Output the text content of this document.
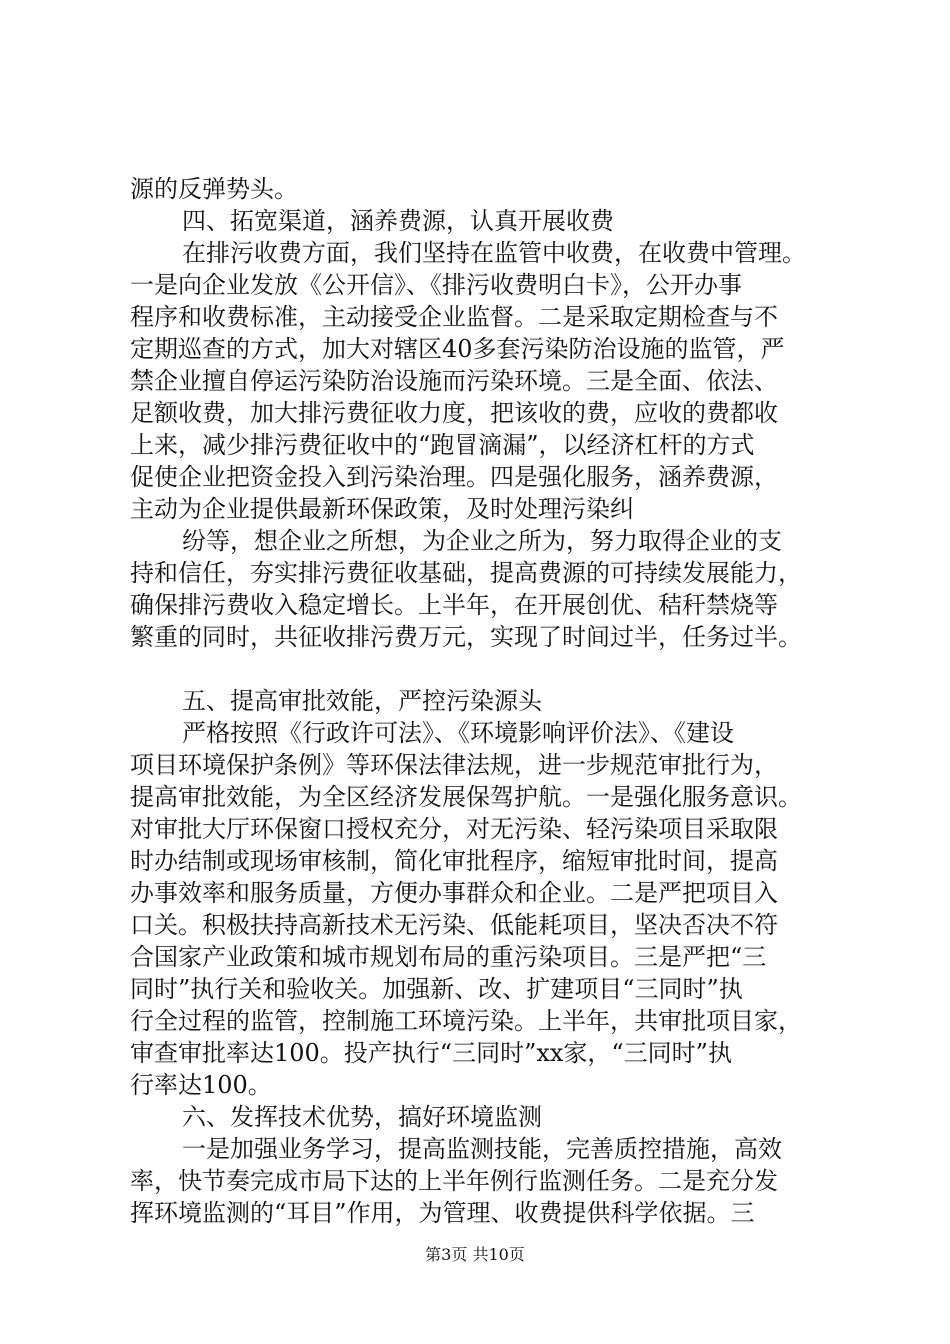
源的反弹势头。
四、拓宽渠道，涵养费源，认真开展收费
在排污收费方面，我们坚持在监管中收费，在收费中管理。
一是向企业发放《公开信》、《排污收费明白卡》，公开办事
程序和收费标准，主动接受企业监督。二是采取定期检查与不
定期巡查的方式，加大对辖区40多套污染防治设施的监管，严
禁企业擅自停运污染防治设施而污染环境。三是全面、依法、
足额收费，加大排污费征收力度，把该收的费，应收的费都收
上来，减少排污费征收中的“跑冒滴漏”，以经济杠杆的方式
促使企业把资金投入到污染治理。四是强化服务，涵养费源，
主动为企业提供最新环保政策，及时处理污染纠
纷等，想企业之所想，为企业之所为，努力取得企业的支
持和信任，夯实排污费征收基础，提高费源的可持续发展能力，
确保排污费收入稳定增长。上半年，在开展创优、秸秆禁烧等
繁重的同时，共征收排污费万元，实现了时间过半，任务过半。
五、提高审批效能，严控污染源头
严格按照《行政许可法》、《环境影响评价法》、《建设
项目环境保护条例》等环保法律法规，进一步规范审批行为，
提高审批效能，为全区经济发展保驾护航。一是强化服务意识。
对审批大厅环保窗口授权充分，对无污染、轻污染项目采取限
时办结制或现场审核制，简化审批程序，缩短审批时间，提高
办事效率和服务质量，方便办事群众和企业。二是严把项目入
口关。积极扶持高新技术无污染、低能耗项目，坚决否决不符
合国家产业政策和城市规划布局的重污染项目。三是严把“三
同时”执行关和验收关。加强新、改、扩建项目“三同时”执
行全过程的监管，控制施工环境污染。上半年，共审批项目家，
审查审批率达100。投产执行“三同时”xx家，“三同时”执
行率达100。
六、发挥技术优势，搞好环境监测
一是加强业务学习，提高监测技能，完善质控措施，高效
率，快节奏完成市局下达的上半年例行监测任务。二是充分发
挥环境监测的“耳目”作用，为管理、收费提供科学依据。三
第3页 共10页
